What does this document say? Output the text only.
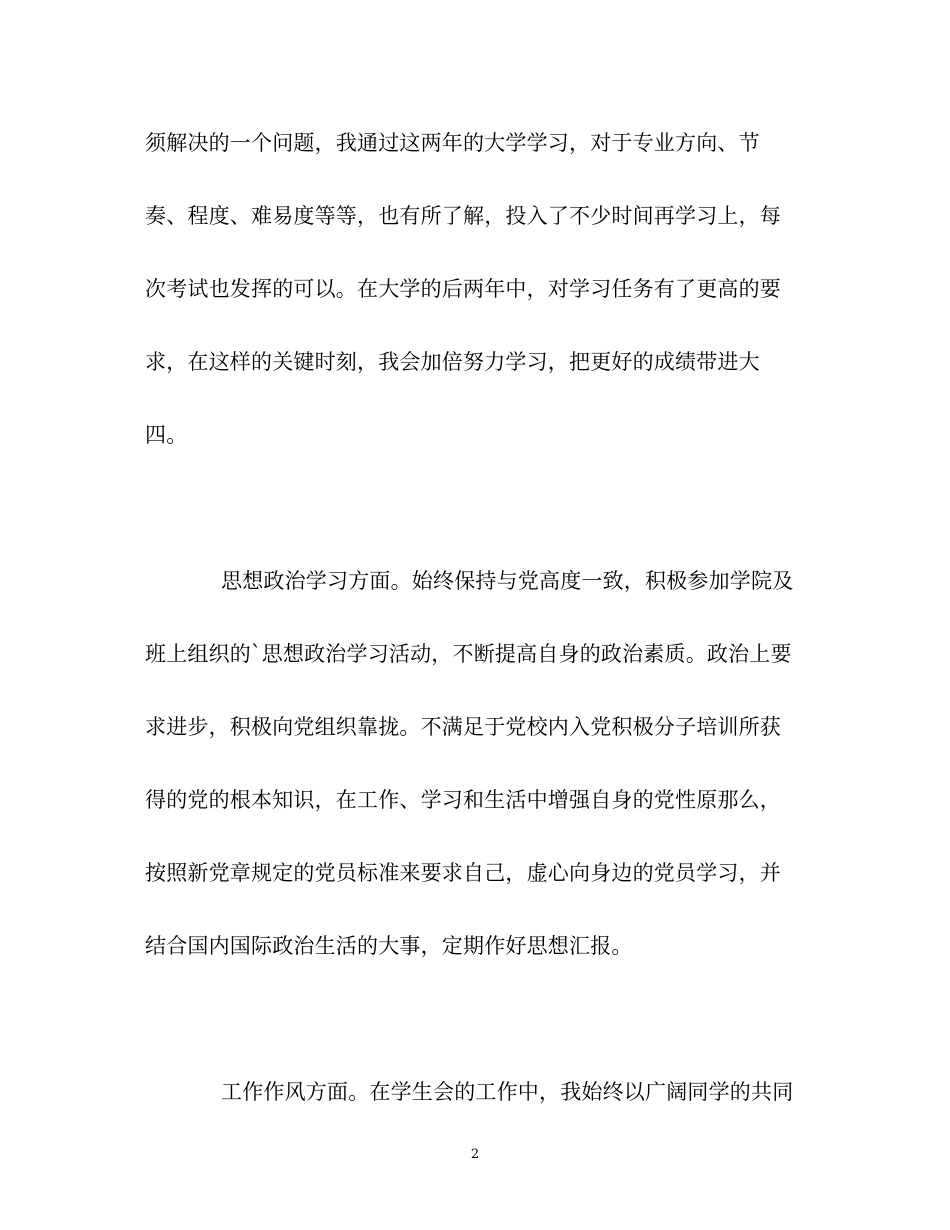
须解决的一个问题，我通过这两年的大学学习，对于专业方向、节
奏、程度、难易度等等，也有所了解，投入了不少时间再学习上，每
次考试也发挥的可以。在大学的后两年中，对学习任务有了更高的要
求，在这样的关键时刻，我会加倍努力学习，把更好的成绩带进大
四。
思想政治学习方面。始终保持与党高度一致，积极参加学院及
班上组织的`思想政治学习活动，不断提高自身的政治素质。政治上要
求进步，积极向党组织靠拢。不满足于党校内入党积极分子培训所获
得的党的根本知识，在工作、学习和生活中增强自身的党性原那么，
按照新党章规定的党员标准来要求自己，虚心向身边的党员学习，并
结合国内国际政治生活的大事，定期作好思想汇报。
工作作风方面。在学生会的工作中，我始终以广阔同学的共同
2
